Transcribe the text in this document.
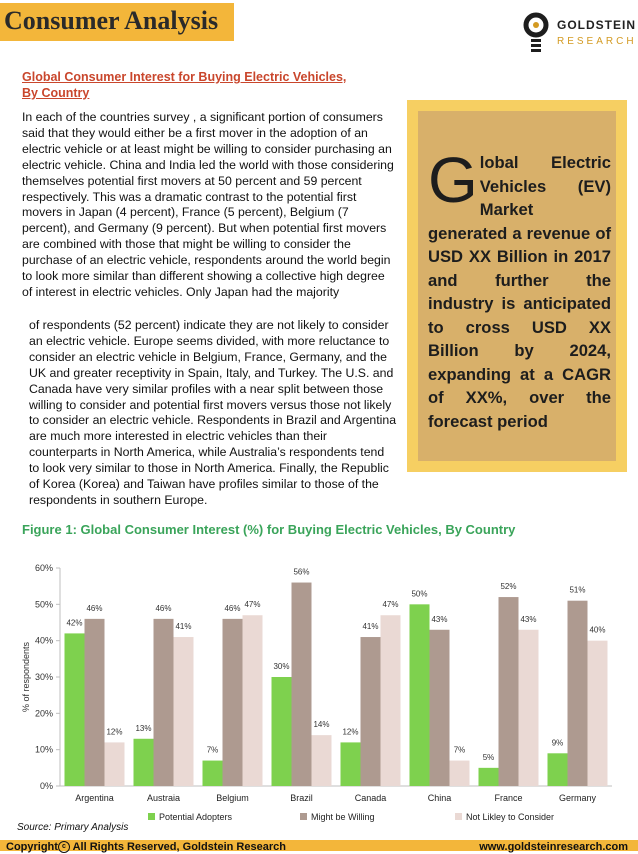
Consumer Analysis	GOLDSTEIN
RESEARCH
Global Consumer Interest for Buying Electric Vehicles,
By Country

In each of the countries survey , a significant portion of consumers said that they would either be a first mover in the adoption of an electric vehicle or at least might be willing to consider purchasing an electric vehicle. China and India led the world with those considering themselves potential first movers at 50 percent and 59 percent respectively. This was a dramatic contrast to the potential first movers in Japan (4 percent), France (5 percent), Belgium (7 percent), and Germany (9 percent). But when potential first movers are combined with those that might be willing to consider the purchase of an electric vehicle, respondents around the world begin to look more similar than different showing a collective high degree of interest in electric vehicles. Only Japan had the majority

of respondents (52 percent) indicate they are not likely to consider an electric vehicle. Europe seems divided, with more reluctance to consider an electric vehicle in Belgium, France, Germany, and the UK and greater receptivity in Spain, Italy, and Turkey. The U.S. and Canada have very similar profiles with a near split between those willing to consider and potential first movers versus those not likely to consider an electric vehicle. Respondents in Brazil and Argentina are much more interested in electric vehicles than their counterparts in North America, while Australia’s respondents tend to look very similar to those in North America. Finally, the Republic of Korea (Korea) and Taiwan have profiles similar to those of the respondents in southern Europe.

Global Electric Vehicles (EV) Market generated a revenue of USD XX Billion in 2017 and further the industry is anticipated to cross USD XX Billion by 2024, expanding at a CAGR of XX%, over the forecast period
Figure 1: Global Consumer Interest (%) for Buying Electric Vehicles, By Country
0%
10%
20%
30%
40%
50%
60%
% of respondents
42%
46%
12%
Argentina
13%
46%
41%
Austraia
7%
46% 47%
Belgium
30%
56%
14%
Brazil
12%
41%
47%
Canada
50%
43%
7%
China
5%
52%
43%
France
9%
51%
40%
Germany
Potential Adopters	Might be Willing	Not Likley to Consider
Source: Primary Analysis
Copyright c All Rights Reserved, Goldstein Research	www.goldsteinresearch.com
